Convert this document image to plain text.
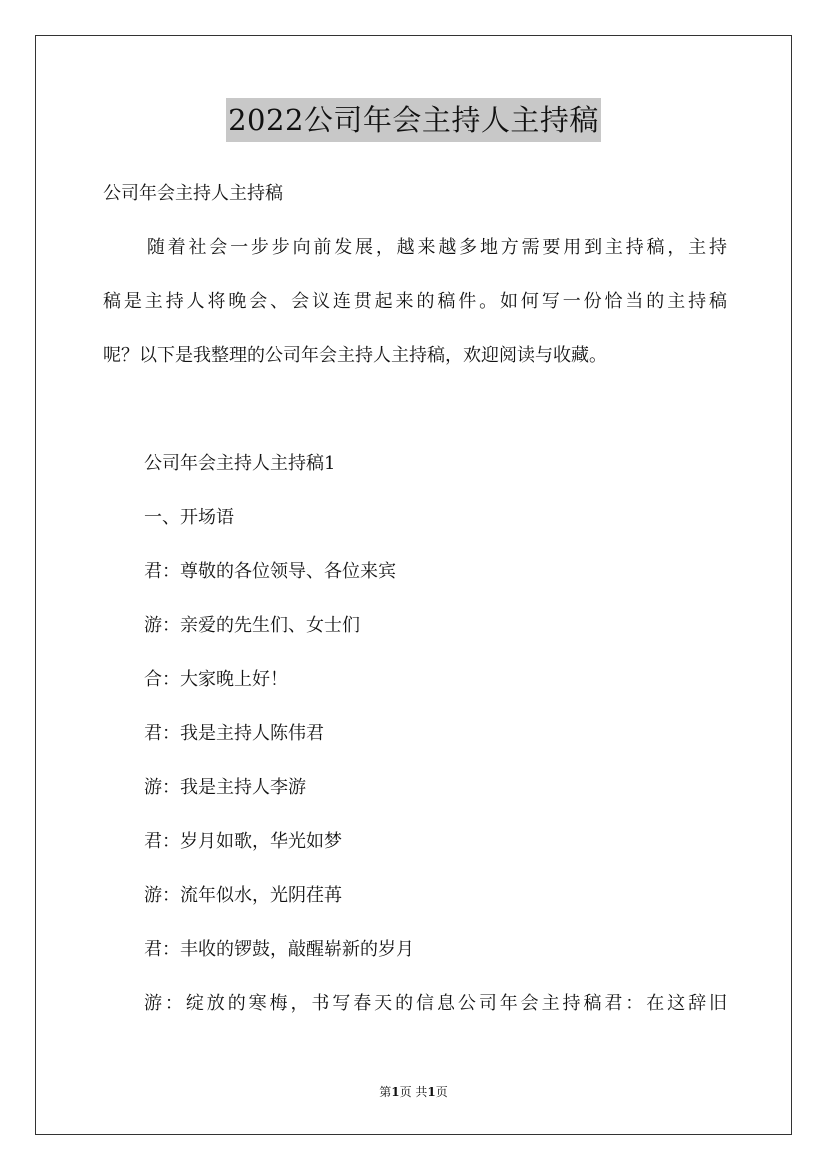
2022公司年会主持人主持稿
公司年会主持人主持稿
随着社会一步步向前发展，越来越多地方需要用到主持稿，主持
稿是主持人将晚会、会议连贯起来的稿件。如何写一份恰当的主持稿
呢？以下是我整理的公司年会主持人主持稿，欢迎阅读与收藏。
公司年会主持人主持稿1
一、开场语
君：尊敬的各位领导、各位来宾
游：亲爱的先生们、女士们
合：大家晚上好！
君：我是主持人陈伟君
游：我是主持人李游
君：岁月如歌，华光如梦
游：流年似水，光阴荏苒
君：丰收的锣鼓，敲醒崭新的岁月
游：绽放的寒梅，书写春天的信息公司年会主持稿君：在这辞旧
第1页 共1页
